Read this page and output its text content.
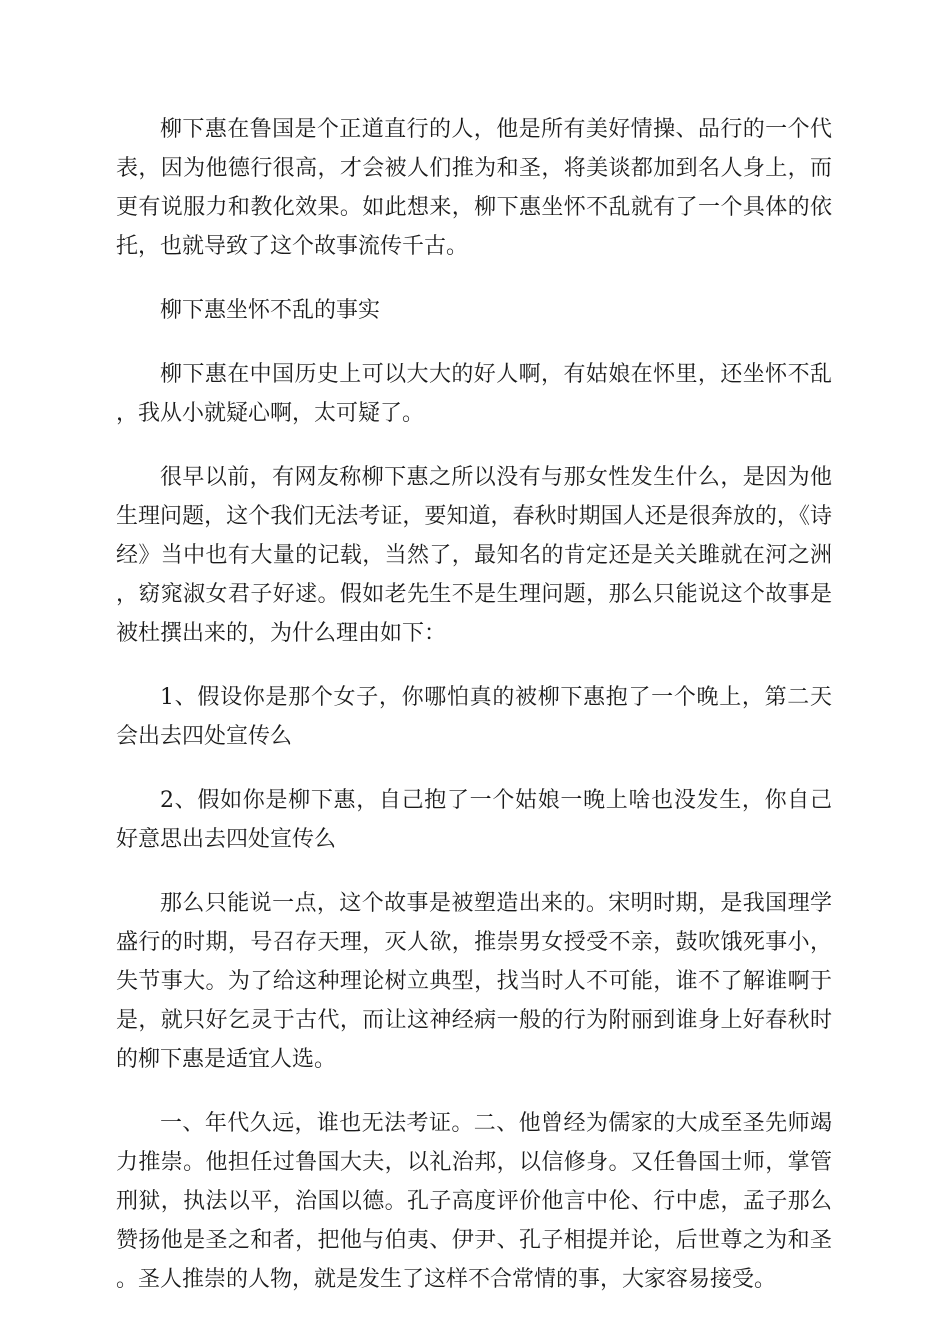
柳下惠在鲁国是个正道直行的人，他是所有美好情操、品行的一个代表，因为他德行很高，才会被人们推为和圣，将美谈都加到名人身上，而更有说服力和教化效果。如此想来，柳下惠坐怀不乱就有了一个具体的依托，也就导致了这个故事流传千古。

柳下惠坐怀不乱的事实

柳下惠在中国历史上可以大大的好人啊，有姑娘在怀里，还坐怀不乱，我从小就疑心啊，太可疑了。

很早以前，有网友称柳下惠之所以没有与那女性发生什么，是因为他生理问题，这个我们无法考证，要知道，春秋时期国人还是很奔放的，《诗经》当中也有大量的记载，当然了，最知名的肯定还是关关雎就在河之洲，窈窕淑女君子好逑。假如老先生不是生理问题，那么只能说这个故事是被杜撰出来的，为什么理由如下：

1、假设你是那个女子，你哪怕真的被柳下惠抱了一个晚上，第二天会出去四处宣传么

2、假如你是柳下惠，自己抱了一个姑娘一晚上啥也没发生，你自己好意思出去四处宣传么

那么只能说一点，这个故事是被塑造出来的。宋明时期，是我国理学盛行的时期，号召存天理，灭人欲，推崇男女授受不亲，鼓吹饿死事小，失节事大。为了给这种理论树立典型，找当时人不可能，谁不了解谁啊于是，就只好乞灵于古代，而让这神经病一般的行为附丽到谁身上好春秋时的柳下惠是适宜人选。

一、年代久远，谁也无法考证。二、他曾经为儒家的大成至圣先师竭力推崇。他担任过鲁国大夫，以礼治邦，以信修身。又任鲁国士师，掌管刑狱，执法以平，治国以德。孔子高度评价他言中伦、行中虑，孟子那么赞扬他是圣之和者，把他与伯夷、伊尹、孔子相提并论，后世尊之为和圣。圣人推崇的人物，就是发生了这样不合常情的事，大家容易接受。
